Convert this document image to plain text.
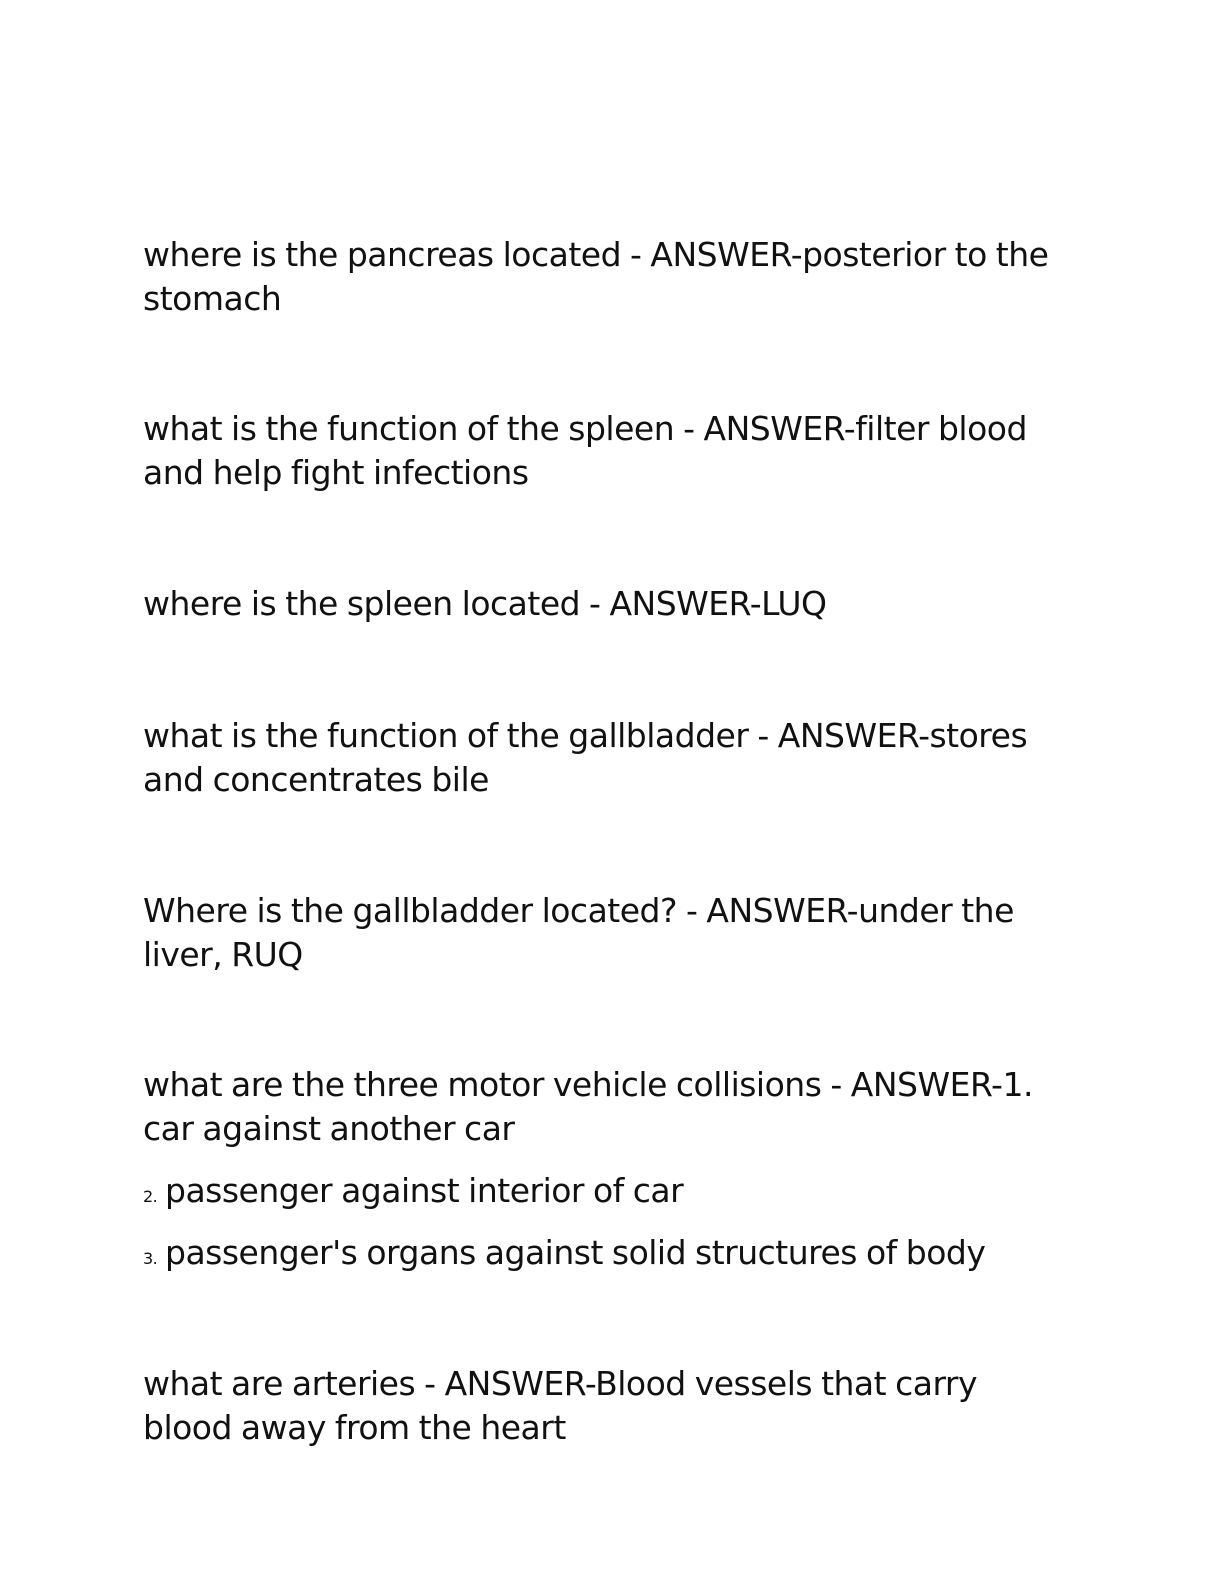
where is the pancreas located - ANSWER-posterior to the stomach

what is the function of the spleen - ANSWER-filter blood and help fight infections

where is the spleen located - ANSWER-LUQ

what is the function of the gallbladder - ANSWER-stores and concentrates bile

Where is the gallbladder located? - ANSWER-under the liver, RUQ

what are the three motor vehicle collisions - ANSWER-1. car against another car

2. passenger against interior of car

3. passenger's organs against solid structures of body

what are arteries - ANSWER-Blood vessels that carry blood away from the heart
